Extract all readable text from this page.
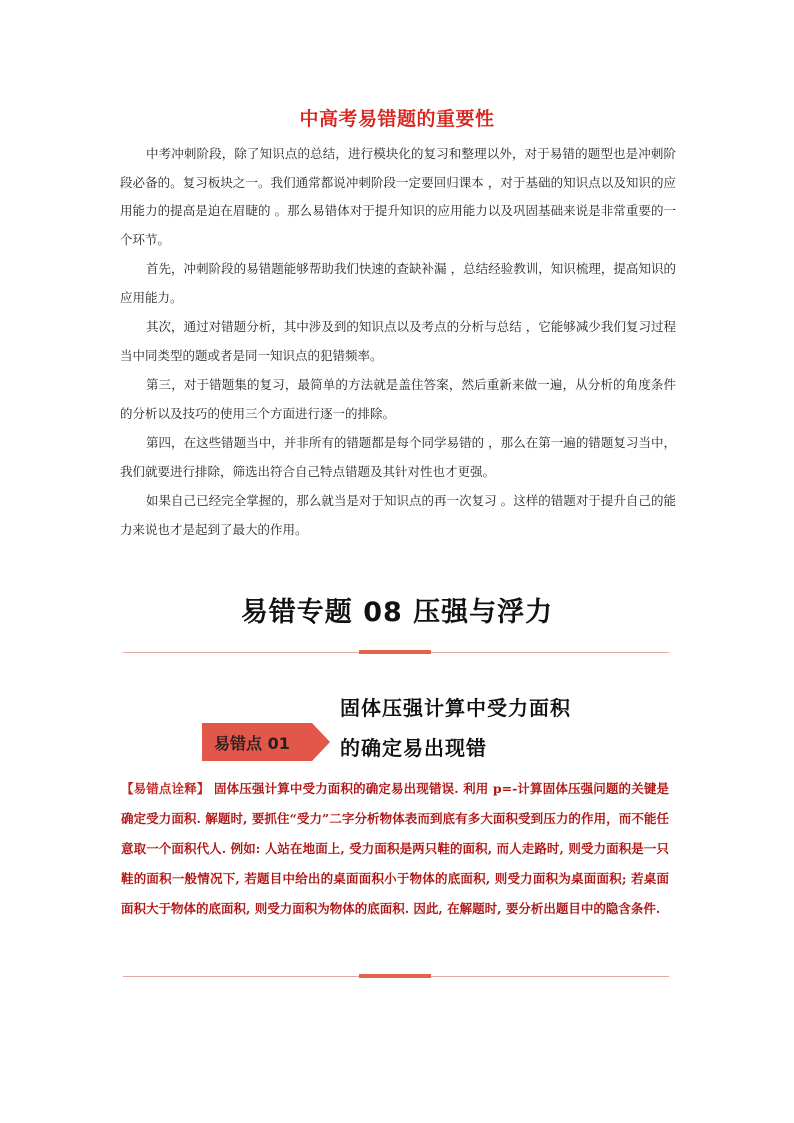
中高考易错题的重要性

中考冲刺阶段，除了知识点的总结，进行模块化的复习和整理以外，对于易错的题型也是冲刺阶段必备的。复习板块之一。我们通常都说冲刺阶段一定要回归课本 ，对于基础的知识点以及知识的应用能力的提高是迫在眉睫的 。那么易错体对于提升知识的应用能力以及巩固基础来说是非常重要的一个环节。

首先，冲刺阶段的易错题能够帮助我们快速的查缺补漏 ，总结经验教训，知识梳理，提高知识的应用能力。

其次，通过对错题分析，其中涉及到的知识点以及考点的分析与总结 ，它能够减少我们复习过程当中同类型的题或者是同一知识点的犯错频率。

第三，对于错题集的复习，最简单的方法就是盖住答案，然后重新来做一遍，从分析的角度条件的分析以及技巧的使用三个方面进行逐一的排除。

第四，在这些错题当中，并非所有的错题都是每个同学易错的 ，那么在第一遍的错题复习当中，我们就要进行排除，筛选出符合自己特点错题及其针对性也才更强。

如果自己已经完全掌握的，那么就当是对于知识点的再一次复习 。这样的错题对于提升自己的能力来说也才是起到了最大的作用。

易错专题 08 压强与浮力
易错点 01
固体压强计算中受力面积
的确定易出现错
【易错点诠释】 固体压强计算中受力面积的确定易出现错误. 利用 p=-计算固体压强问题的关键是确定受力面积. 解题时, 要抓住“受力”二字分析物体表而到底有多大面积受到压力的作用，而不能任意取一个面积代人. 例如: 人站在地面上, 受力面积是两只鞋的面积, 而人走路时, 则受力面积是一只鞋的面积一般情况下, 若题目中给出的桌面面积小于物体的底面积, 则受力面积为桌面面积; 若桌面面积大于物体的底面积, 则受力面积为物体的底面积. 因此, 在解题时, 要分析出题目中的隐含条件.
